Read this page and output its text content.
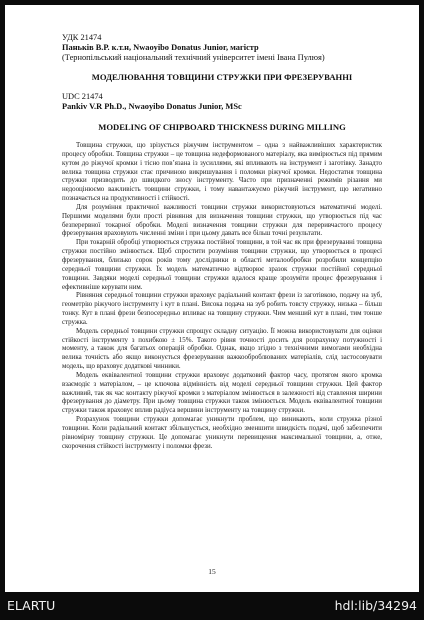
УДК 21474

Паньків В.Р. к.т.н, Nwaoyibo Donatus Junior, магістр

(Тернопільський національний технічний університет імені Івана Пулюя)

МОДЕЛЮВАННЯ ТОВЩИНИ СТРУЖКИ ПРИ ФРЕЗЕРУВАННІ

UDC 21474

Pankiv V.R Ph.D., Nwaoyibo Donatus Junior, MSc

MODELING OF CHIPBOARD THICKNESS DURING MILLING

Товщина стружки, що зрізується ріжучим інструментом – одна з найважливіших характеристик процесу обробки. Товщина стружки – це товщина недеформованого матеріалу, яка вимірюється під прямим кутом до ріжучої кромки і тісно пов’язана із зусиллями, які впливають на інструмент і заготівку. Занадто велика товщина стружки стає причиною викришування і поломки ріжучої кромки. Недостатня товщина стружки призводить до швидкого зносу інструменту. Часто при призначенні режимів різання ми недооцінюємо важливість товщини стружки, і тому навантажуємо ріжучий інструмент, що негативно позначається на продуктивності і стійкості.

Для розуміння практичної важливості товщини стружки використовуються математичні моделі. Першими моделями були прості рівняння для визначення товщини стружки, що утворюється під час безперервної токарної обробки. Моделі визначення товщини стружки для переривчастого процесу фрезерування враховують численні зміни і при цьому давать все більш точні результати.

При токарній обробці утворюється стружка постійної товщини, в той час як при фрезеруванні товщина стружки постійно змінюється. Щоб спростити розуміння товщини стружки, що утворюється в процесі фрезерування, близько сорок років тому дослідники в області металообробки розробили концепцію середньої товщини стружки. Їх модель математично відтворює зразок стружки постійної середньої товщини. Завдяки моделі середньої товщини стружки вдалося краще зрозуміти процес фрезерування і ефективніше керувати ним.

Рівняння середньої товщини стружки враховує радіальний контакт фрези із заготівкою, подачу на зуб, геометрію ріжучого інструменту і кут в плані. Висока подача на зуб робить товсту стружку, низька – більш тонку. Кут в плані фрези безпосередньо впливає на товщину стружки. Чим менший кут в плані, тим тонше стружка.

Модель середньої товщини стружки спрощує складну ситуацію. Її можна використовувати для оцінки стійкості інструменту з похибкою ± 15%. Такого рівня точності досить для розрахунку потужності і моменту, а також для багатьох операцій обробки. Однак, якщо згідно з технічними вимогами необхідна велика точність або якщо виконується фрезерування важкооброблюваних матеріалів, слід застосовувати модель, що враховує додаткові чинники.

Модель еквівалентної товщини стружки враховує додатковий фактор часу, протягом якого кромка взаємодіє з матеріалом, – це ключова відмінність від моделі середньої товщини стружки. Цей фактор важливий, так як час контакту ріжучої кромки з матеріалом змінюється в залежності від ставлення ширини фрезерування до діаметру. При цьому товщина стружки також змінюється. Модель еквівалентної товщини стружки також враховує вплив радіуса вершини інструменту на товщину стружки.

Розрахунок товщини стружки допомагає уникнути проблем, що виникають, коли стружка різної товщини. Коли радіальний контакт збільшується, необхідно зменшити швидкість подачі, щоб забезпечити рівномірну товщину стружки. Це допомагає уникнути перевищення максимальної товщини, а, отже, скорочення стійкості інструменту і поломки фрези.

15
ELARTU	hdl:lib/34294
